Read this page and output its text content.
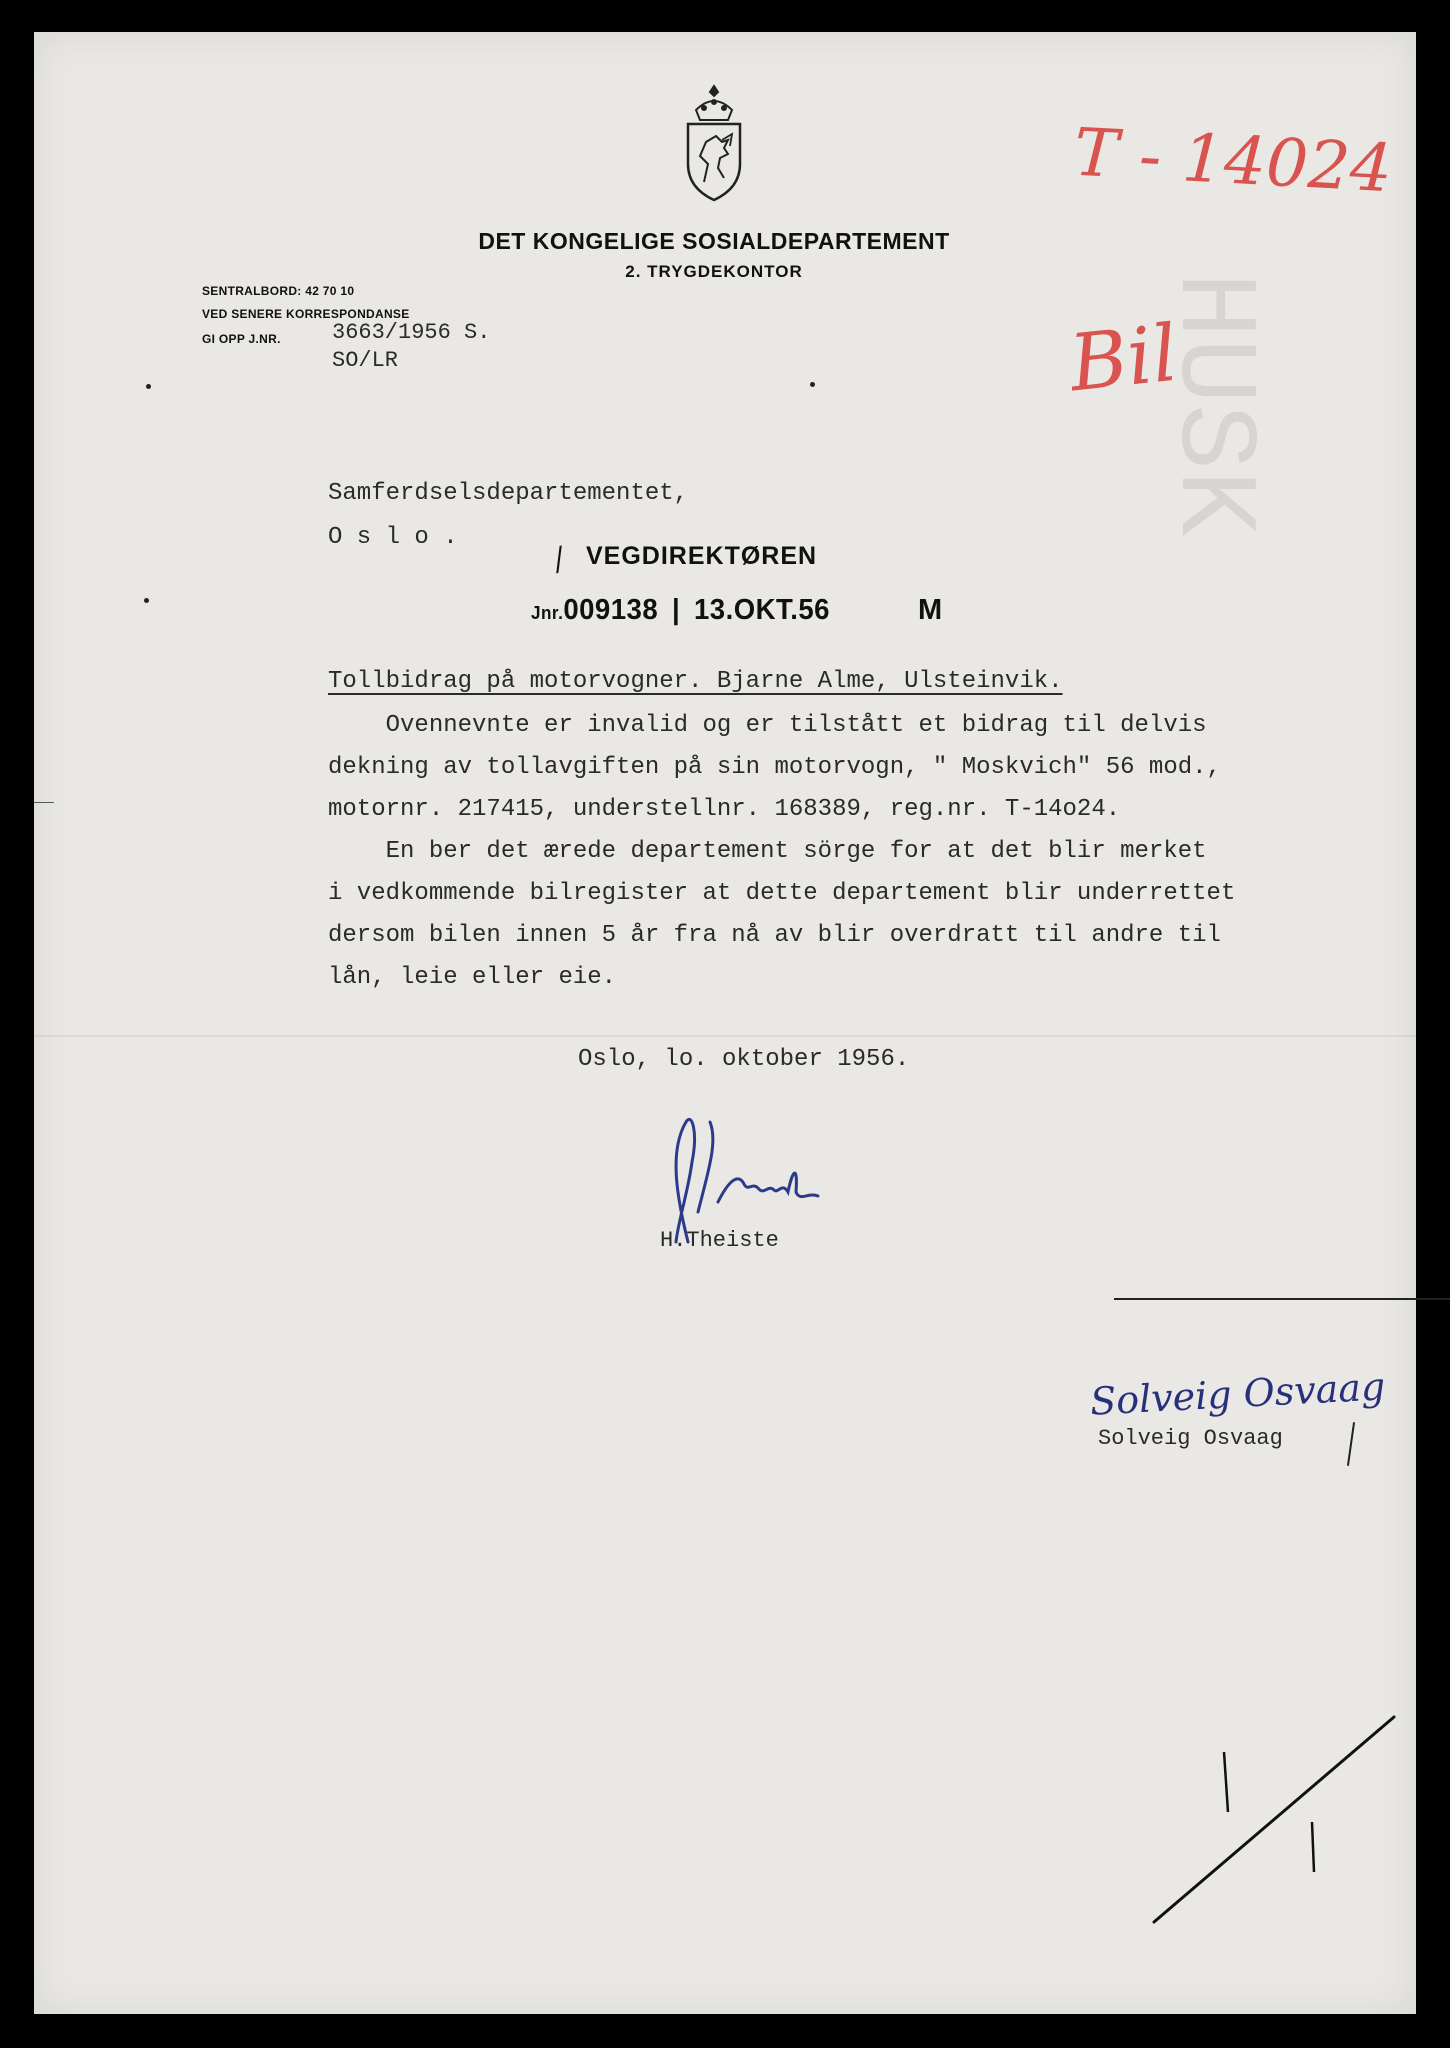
HUSK
DET KONGELIGE SOSIALDEPARTEMENT
2. TRYGDEKONTOR
SENTRALBORD: 42 70 10
VED SENERE KORRESPONDANSE
GI OPP J.NR. 3663/1956 S.
SO/LR
T - 14024
Bil
Samferdselsdepartementet,
O s l o .
/ VEGDIREKTØREN
Jnr.009138 | 13.OKT.56	M
Tollbidrag på motorvogner. Bjarne Alme, Ulsteinvik.
Ovennevnte er invalid og er tilstått et bidrag til delvis
dekning av tollavgiften på sin motorvogn, " Moskvich" 56 mod.,
motornr. 217415, understellnr. 168389, reg.nr. T-14o24.
En ber det ærede departement sörge for at det blir merket
i vedkommende bilregister at dette departement blir underrettet
dersom bilen innen 5 år fra nå av blir overdratt til andre til
lån, leie eller eie.
Oslo, lo. oktober 1956.
H.Theiste
Solveig Osvaag
Solveig Osvaag
